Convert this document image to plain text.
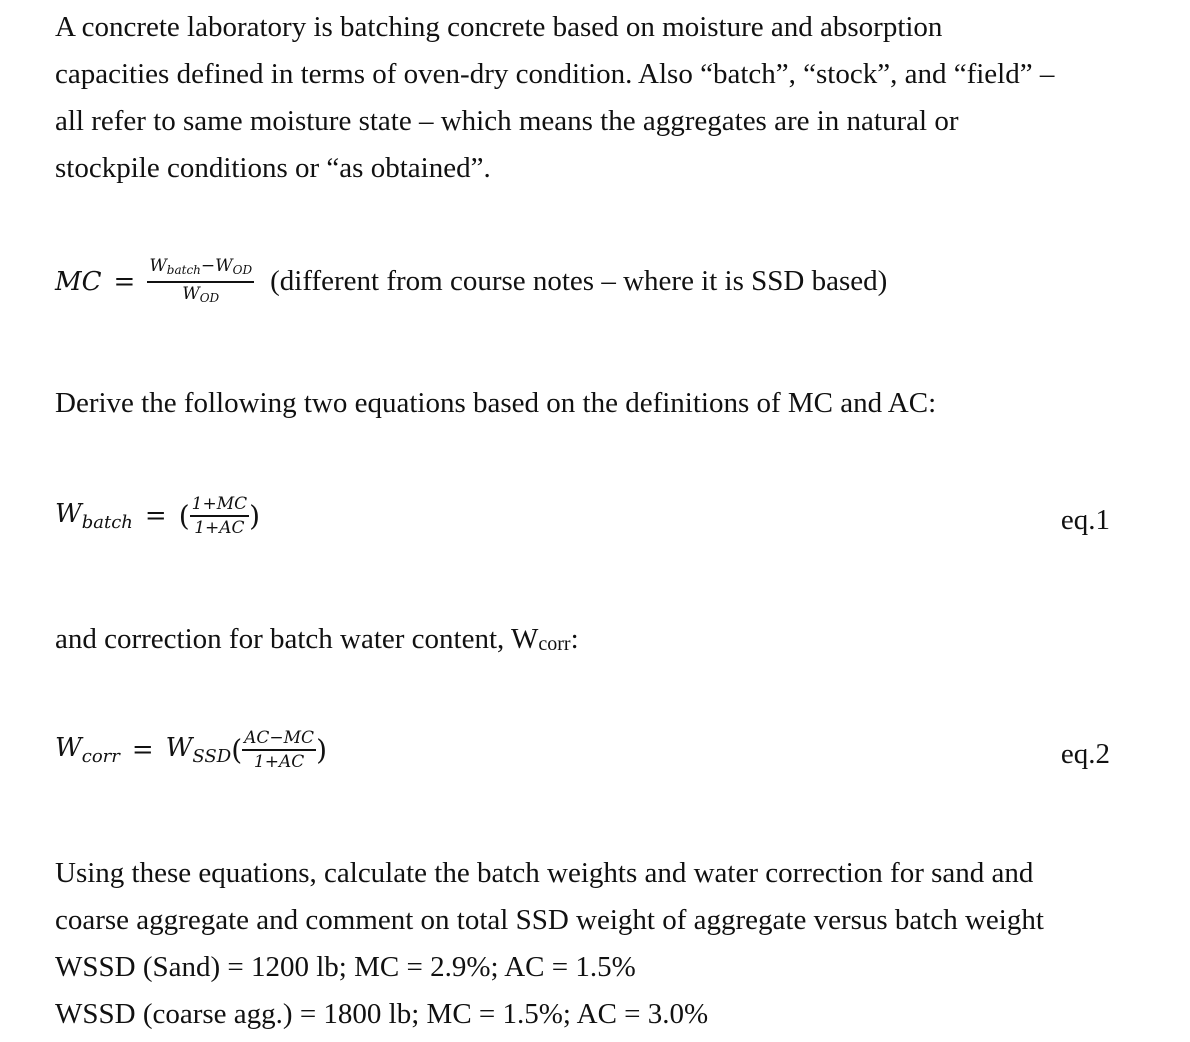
A concrete laboratory is batching concrete based on moisture and absorption
capacities defined in terms of oven-dry condition. Also “batch”, “stock”, and “field” –
all refer to same moisture state – which means the aggregates are in natural or
stockpile conditions or “as obtained”.

MC = $\frac{\text{Wbatch−WOD}}{\text{WOD}}$ (different from course notes – where it is SSD based)

Derive the following two equations based on the definitions of MC and AC:

$W_{batch}$ = ( $\frac{1+MC}{1+AC}$ )	eq.1

and correction for batch water content, Wcorr:

$W_{corr} = W_{SSD}( \frac{AC-MC}{1+AC}$ )	eq.2

Using these equations, calculate the batch weights and water correction for sand and
coarse aggregate and comment on total SSD weight of aggregate versus batch weight
WSSD (Sand) = 1200 lb; MC = 2.9%; AC = 1.5%
WSSD (coarse agg.) = 1800 lb; MC = 1.5%; AC = 3.0%
